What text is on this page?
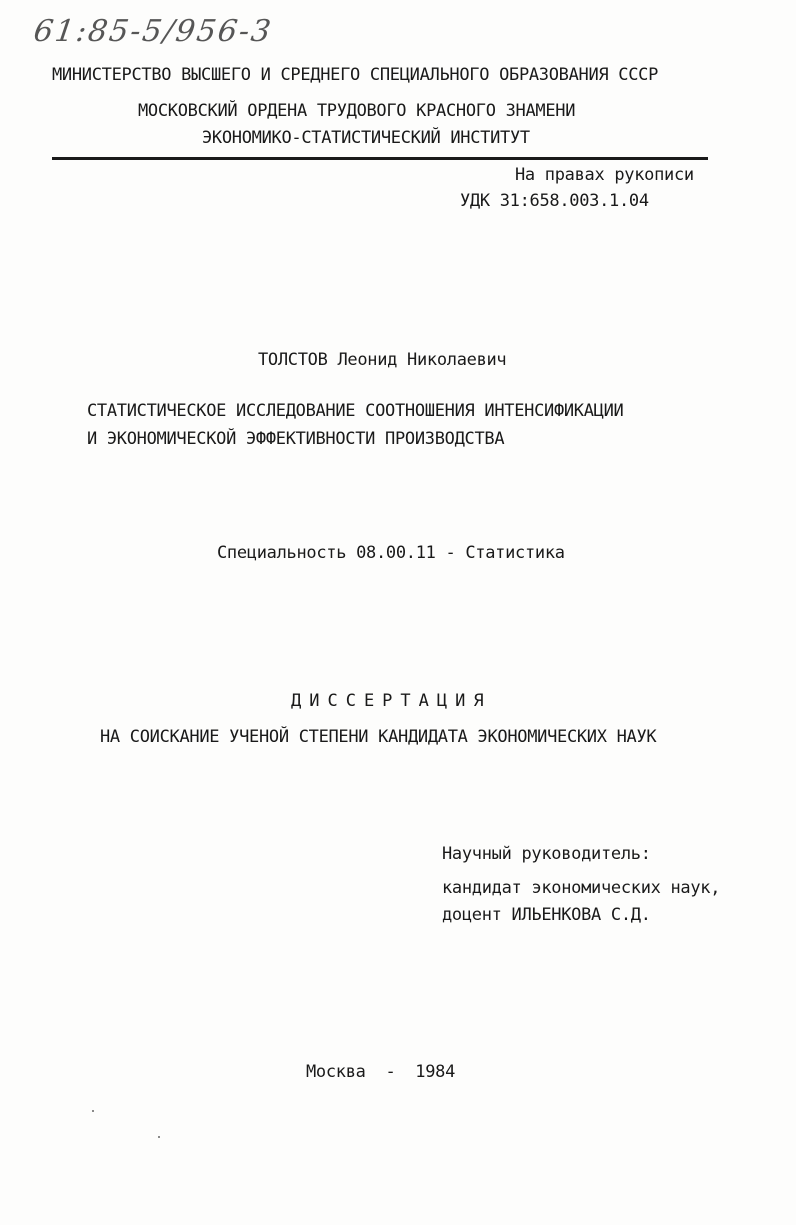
61:85-5/956-3
МИНИСТЕРСТВО ВЫСШЕГО И СРЕДНЕГО СПЕЦИАЛЬНОГО ОБРАЗОВАНИЯ СССР
МОСКОВСКИЙ ОРДЕНА ТРУДОВОГО КРАСНОГО ЗНАМЕНИ
ЭКОНОМИКО-СТАТИСТИЧЕСКИЙ ИНСТИТУТ
На правах рукописи
УДК 31:658.003.1.04
ТОЛСТОВ Леонид Николаевич
СТАТИСТИЧЕСКОЕ ИССЛЕДОВАНИЕ СООТНОШЕНИЯ ИНТЕНСИФИКАЦИИ
И ЭКОНОМИЧЕСКОЙ ЭФФЕКТИВНОСТИ ПРОИЗВОДСТВА
Специальность 08.00.11 - Статистика
ДИССЕРТАЦИЯ
НА СОИСКАНИЕ УЧЕНОЙ СТЕПЕНИ КАНДИДАТА ЭКОНОМИЧЕСКИХ НАУК
Научный руководитель:
кандидат экономических наук,
доцент ИЛЬЕНКОВА С.Д.
Москва  -  1984
